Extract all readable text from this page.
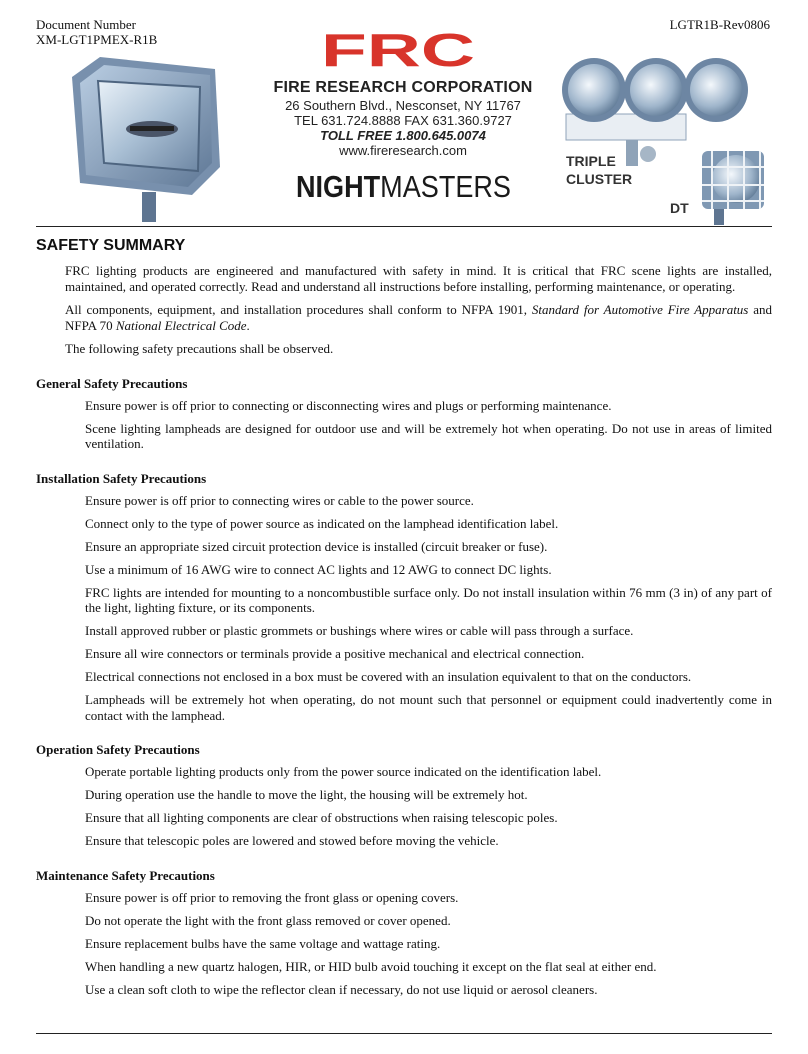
Document Number
XM-LGT1PMEX-R1B
LGTR1B-Rev0806
FRC
FIRE RESEARCH CORPORATION
26 Southern Blvd., Nesconset, NY 11767
TEL 631.724.8888 FAX 631.360.9727
TOLL FREE 1.800.645.0074
www.fireresearch.com
NIGHTMASTERS
TRIPLE
CLUSTER
DT
SAFETY SUMMARY

FRC lighting products are engineered and manufactured with safety in mind. It is critical that FRC scene lights are installed, maintained, and operated correctly. Read and understand all instructions before installing, performing maintenance, or operating.

All components, equipment, and installation procedures shall conform to NFPA 1901, Standard for Automotive Fire Apparatus and NFPA 70 National Electrical Code.

The following safety precautions shall be observed.

General Safety Precautions
Ensure power is off prior to connecting or disconnecting wires and plugs or performing maintenance.
Scene lighting lampheads are designed for outdoor use and will be extremely hot when operating. Do not use in areas of limited ventilation.
Installation Safety Precautions
Ensure power is off prior to connecting wires or cable to the power source.
Connect only to the type of power source as indicated on the lamphead identification label.
Ensure an appropriate sized circuit protection device is installed (circuit breaker or fuse).
Use a minimum of 16 AWG wire to connect AC lights and 12 AWG to connect DC lights.
FRC lights are intended for mounting to a noncombustible surface only. Do not install insulation within 76 mm (3 in) of any part of the light, lighting fixture, or its components.
Install approved rubber or plastic grommets or bushings where wires or cable will pass through a surface.
Ensure all wire connectors or terminals provide a positive mechanical and electrical connection.
Electrical connections not enclosed in a box must be covered with an insulation equivalent to that on the conductors.
Lampheads will be extremely hot when operating, do not mount such that personnel or equipment could inadvertently come in contact with the lamphead.
Operation Safety Precautions
Operate portable lighting products only from the power source indicated on the identification label.
During operation use the handle to move the light, the housing will be extremely hot.
Ensure that all lighting components are clear of obstructions when raising telescopic poles.
Ensure that telescopic poles are lowered and stowed before moving the vehicle.
Maintenance Safety Precautions
Ensure power is off prior to removing the front glass or opening covers.
Do not operate the light with the front glass removed or cover opened.
Ensure replacement bulbs have the same voltage and wattage rating.
When handling a new quartz halogen, HIR, or HID bulb avoid touching it except on the flat seal at either end.
Use a clean soft cloth to wipe the reflector clean if necessary, do not use liquid or aerosol cleaners.
